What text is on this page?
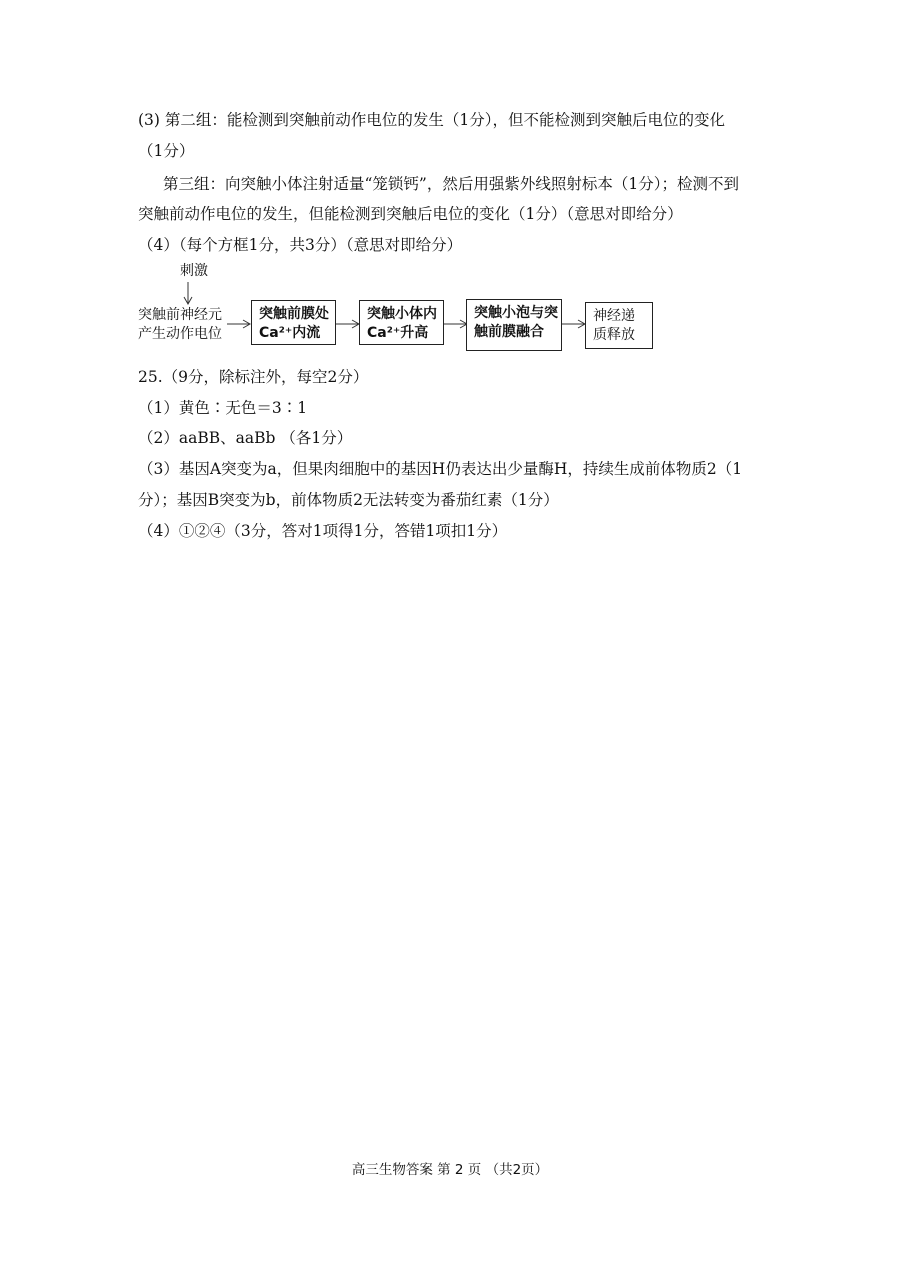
(3) 第二组：能检测到突触前动作电位的发生（1分），但不能检测到突触后电位的变化
（1分）
第三组：向突触小体注射适量“笼锁钙”，然后用强紫外线照射标本（1分）；检测不到
突触前动作电位的发生，但能检测到突触后电位的变化（1分）（意思对即给分）
（4）（每个方框1分，共3分）（意思对即给分）
刺激
突触前神经元
产生动作电位
突触前膜处
Ca²⁺内流
突触小体内
Ca²⁺升高
突触小泡与突
触前膜融合
神经递
质释放
25.（9分，除标注外，每空2分）
（1）黄色∶无色＝3∶1
（2）aaBB、aaBb （各1分）
（3）基因A突变为a，但果肉细胞中的基因H仍表达出少量酶H，持续生成前体物质2（1
分）；基因B突变为b，前体物质2无法转变为番茄红素（1分）
（4）①②④（3分，答对1项得1分，答错1项扣1分）
高三生物答案 第 2 页 （共2页）
